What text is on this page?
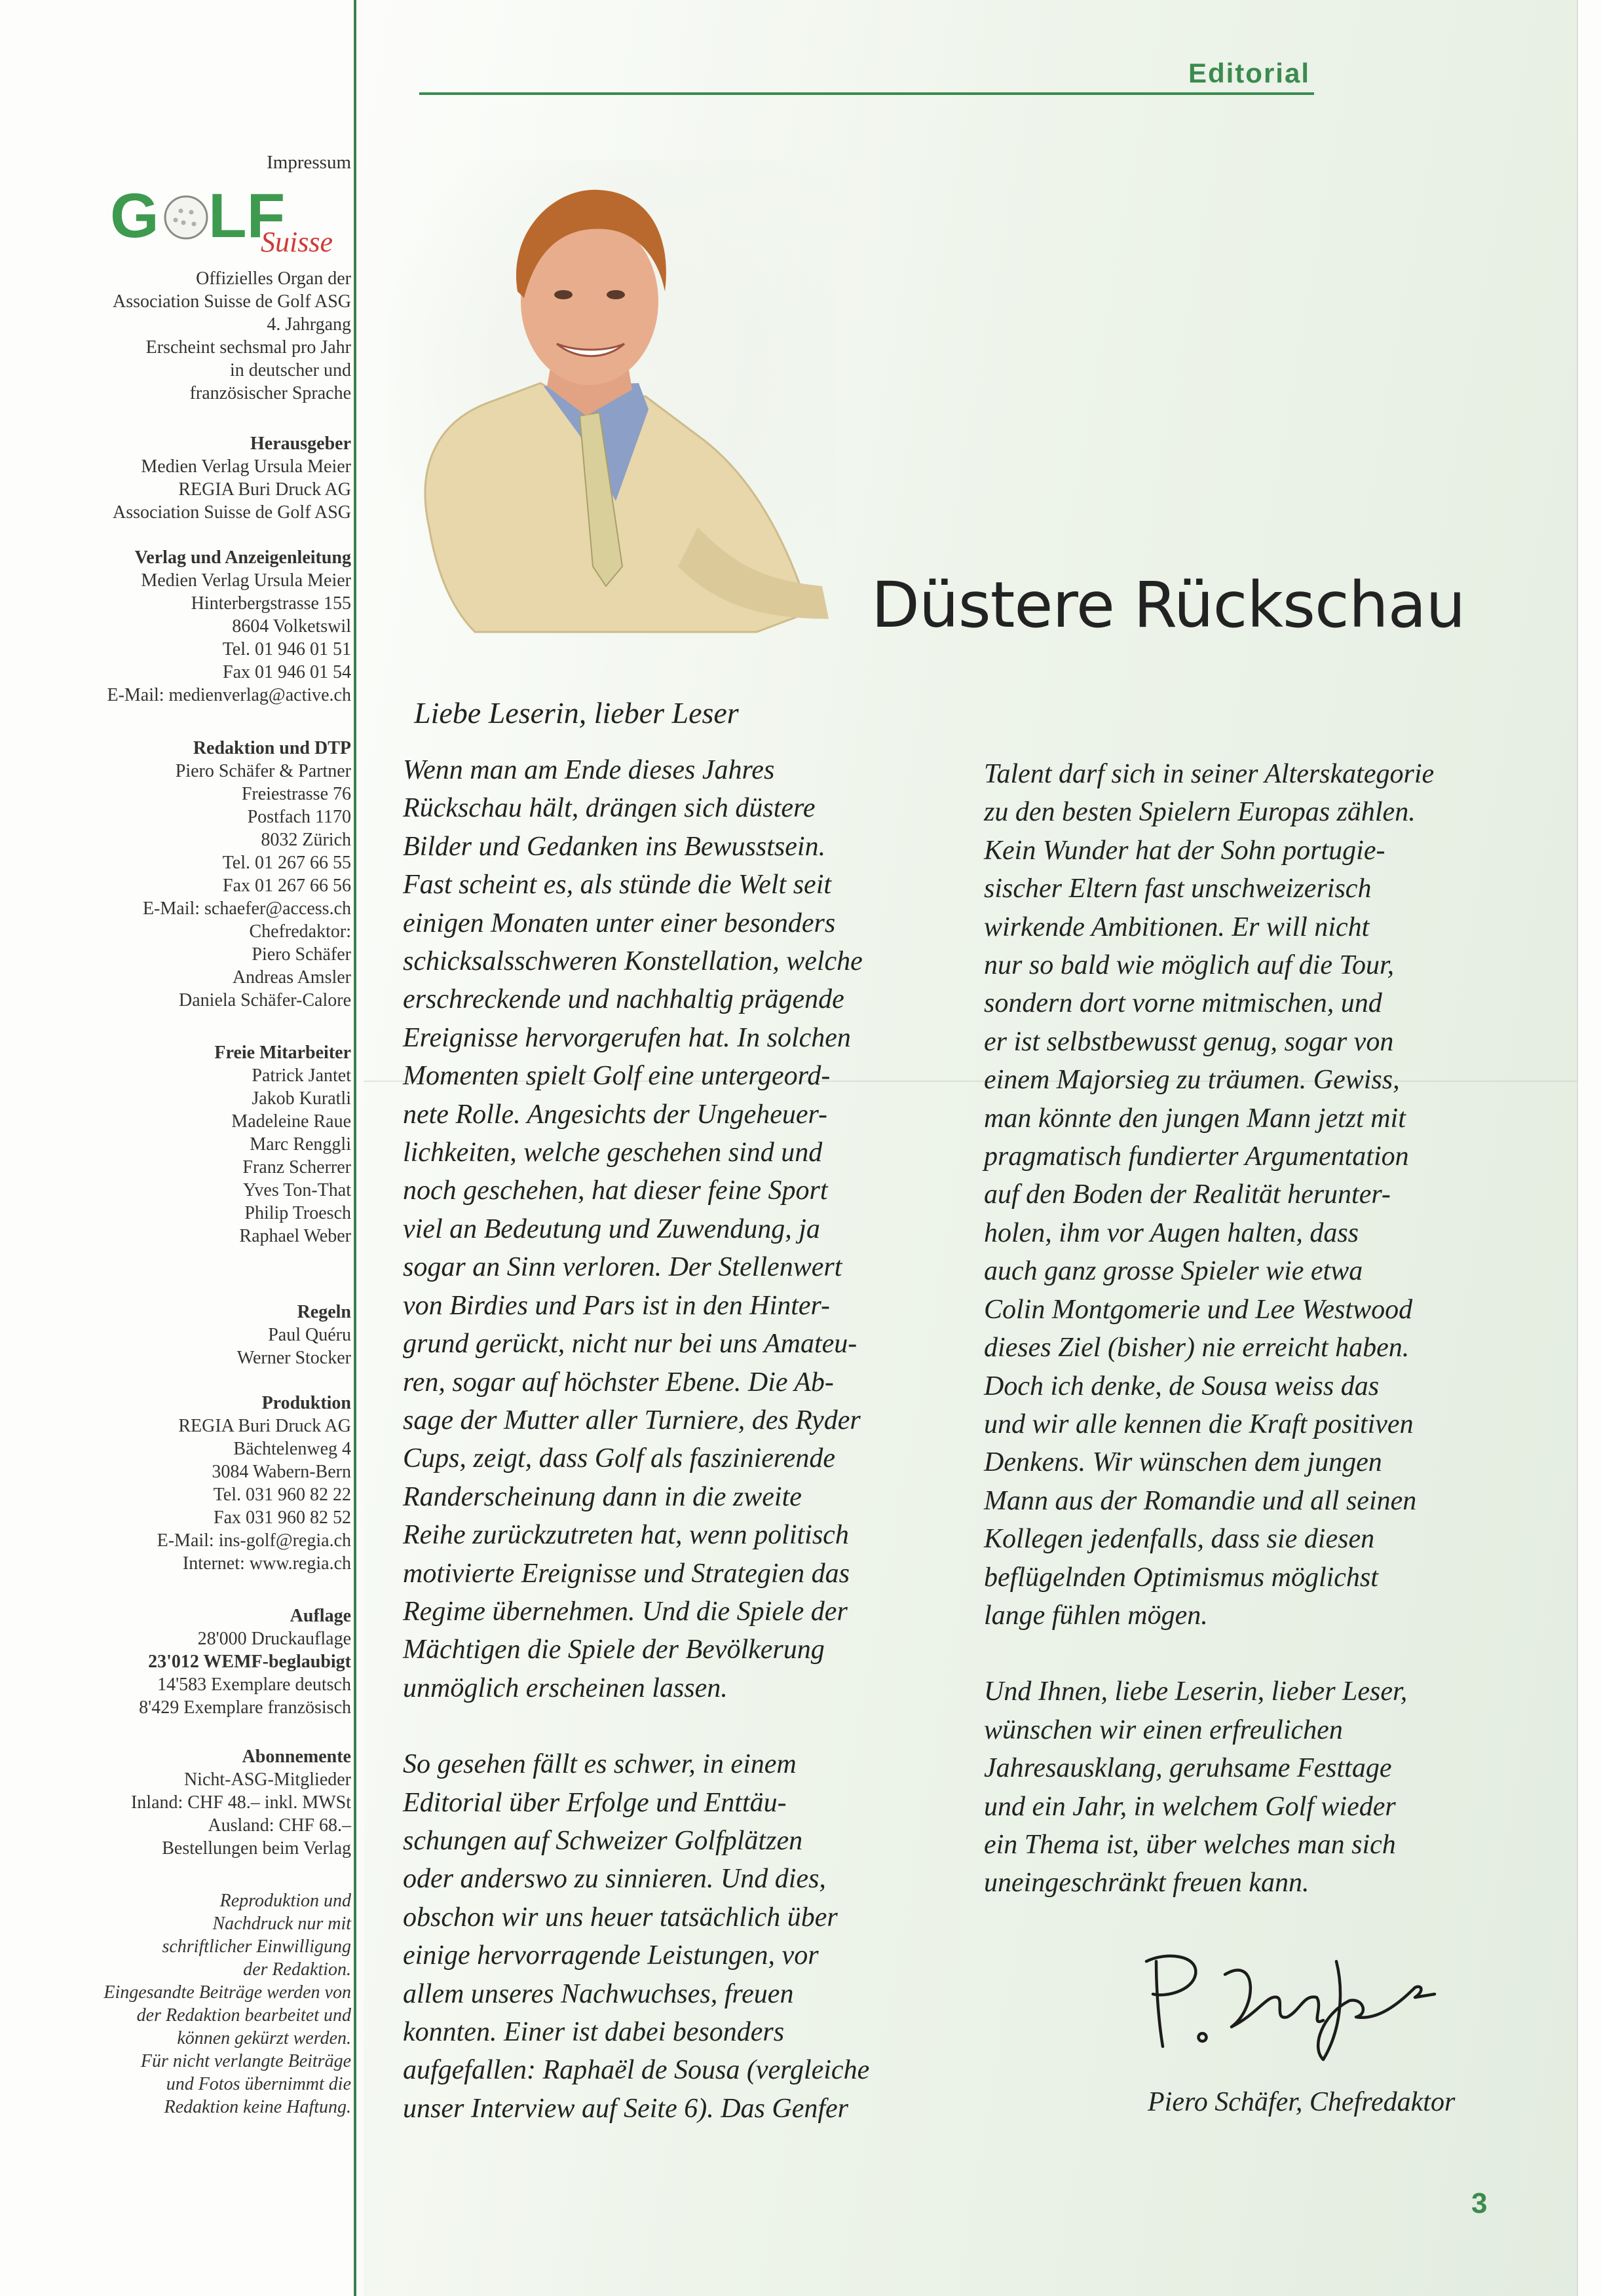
Impressum
G LF
Suisse
Offizielles Organ der
Association Suisse de Golf ASG
4. Jahrgang
Erscheint sechsmal pro Jahr
in deutscher und
französischer Sprache
Herausgeber
Medien Verlag Ursula Meier
REGIA Buri Druck AG
Association Suisse de Golf ASG
Verlag und Anzeigenleitung
Medien Verlag Ursula Meier
Hinterbergstrasse 155
8604 Volketswil
Tel. 01 946 01 51
Fax 01 946 01 54
E-Mail: medienverlag@active.ch
Redaktion und DTP
Piero Schäfer & Partner
Freiestrasse 76
Postfach 1170
8032 Zürich
Tel. 01 267 66 55
Fax 01 267 66 56
E-Mail: schaefer@access.ch
Chefredaktor:
Piero Schäfer
Andreas Amsler
Daniela Schäfer-Calore
Freie Mitarbeiter
Patrick Jantet
Jakob Kuratli
Madeleine Raue
Marc Renggli
Franz Scherrer
Yves Ton-That
Philip Troesch
Raphael Weber
Regeln
Paul Quéru
Werner Stocker
Produktion
REGIA Buri Druck AG
Bächtelenweg 4
3084 Wabern-Bern
Tel. 031 960 82 22
Fax 031 960 82 52
E-Mail: ins-golf@regia.ch
Internet: www.regia.ch
Auflage
28'000 Druckauflage
23'012 WEMF-beglaubigt
14'583 Exemplare deutsch
8'429 Exemplare französisch
Abonnemente
Nicht-ASG-Mitglieder
Inland: CHF 48.– inkl. MWSt
Ausland: CHF 68.–
Bestellungen beim Verlag
Reproduktion und
Nachdruck nur mit
schriftlicher Einwilligung
der Redaktion.
Eingesandte Beiträge werden von
der Redaktion bearbeitet und
können gekürzt werden.
Für nicht verlangte Beiträge
und Fotos übernimmt die
Redaktion keine Haftung.
Editorial
Düstere Rückschau
Liebe Leserin, lieber Leser
Wenn man am Ende dieses Jahres
Rückschau hält, drängen sich düstere
Bilder und Gedanken ins Bewusstsein.
Fast scheint es, als stünde die Welt seit
einigen Monaten unter einer besonders
schicksalsschweren Konstellation, welche
erschreckende und nachhaltig prägende
Ereignisse hervorgerufen hat. In solchen
Momenten spielt Golf eine untergeord-
nete Rolle. Angesichts der Ungeheuer-
lichkeiten, welche geschehen sind und
noch geschehen, hat dieser feine Sport
viel an Bedeutung und Zuwendung, ja
sogar an Sinn verloren. Der Stellenwert
von Birdies und Pars ist in den Hinter-
grund gerückt, nicht nur bei uns Amateu-
ren, sogar auf höchster Ebene. Die Ab-
sage der Mutter aller Turniere, des Ryder
Cups, zeigt, dass Golf als faszinierende
Randerscheinung dann in die zweite
Reihe zurückzutreten hat, wenn politisch
motivierte Ereignisse und Strategien das
Regime übernehmen. Und die Spiele der
Mächtigen die Spiele der Bevölkerung
unmöglich erscheinen lassen.
So gesehen fällt es schwer, in einem
Editorial über Erfolge und Enttäu-
schungen auf Schweizer Golfplätzen
oder anderswo zu sinnieren. Und dies,
obschon wir uns heuer tatsächlich über
einige hervorragende Leistungen, vor
allem unseres Nachwuchses, freuen
konnten. Einer ist dabei besonders
aufgefallen: Raphaël de Sousa (vergleiche
unser Interview auf Seite 6). Das Genfer
Talent darf sich in seiner Alterskategorie
zu den besten Spielern Europas zählen.
Kein Wunder hat der Sohn portugie-
sischer Eltern fast unschweizerisch
wirkende Ambitionen. Er will nicht
nur so bald wie möglich auf die Tour,
sondern dort vorne mitmischen, und
er ist selbstbewusst genug, sogar von
einem Majorsieg zu träumen. Gewiss,
man könnte den jungen Mann jetzt mit
pragmatisch fundierter Argumentation
auf den Boden der Realität herunter-
holen, ihm vor Augen halten, dass
auch ganz grosse Spieler wie etwa
Colin Montgomerie und Lee Westwood
dieses Ziel (bisher) nie erreicht haben.
Doch ich denke, de Sousa weiss das
und wir alle kennen die Kraft positiven
Denkens. Wir wünschen dem jungen
Mann aus der Romandie und all seinen
Kollegen jedenfalls, dass sie diesen
beflügelnden Optimismus möglichst
lange fühlen mögen.
Und Ihnen, liebe Leserin, lieber Leser,
wünschen wir einen erfreulichen
Jahresausklang, geruhsame Festtage
und ein Jahr, in welchem Golf wieder
ein Thema ist, über welches man sich
uneingeschränkt freuen kann.
Piero Schäfer, Chefredaktor
3
